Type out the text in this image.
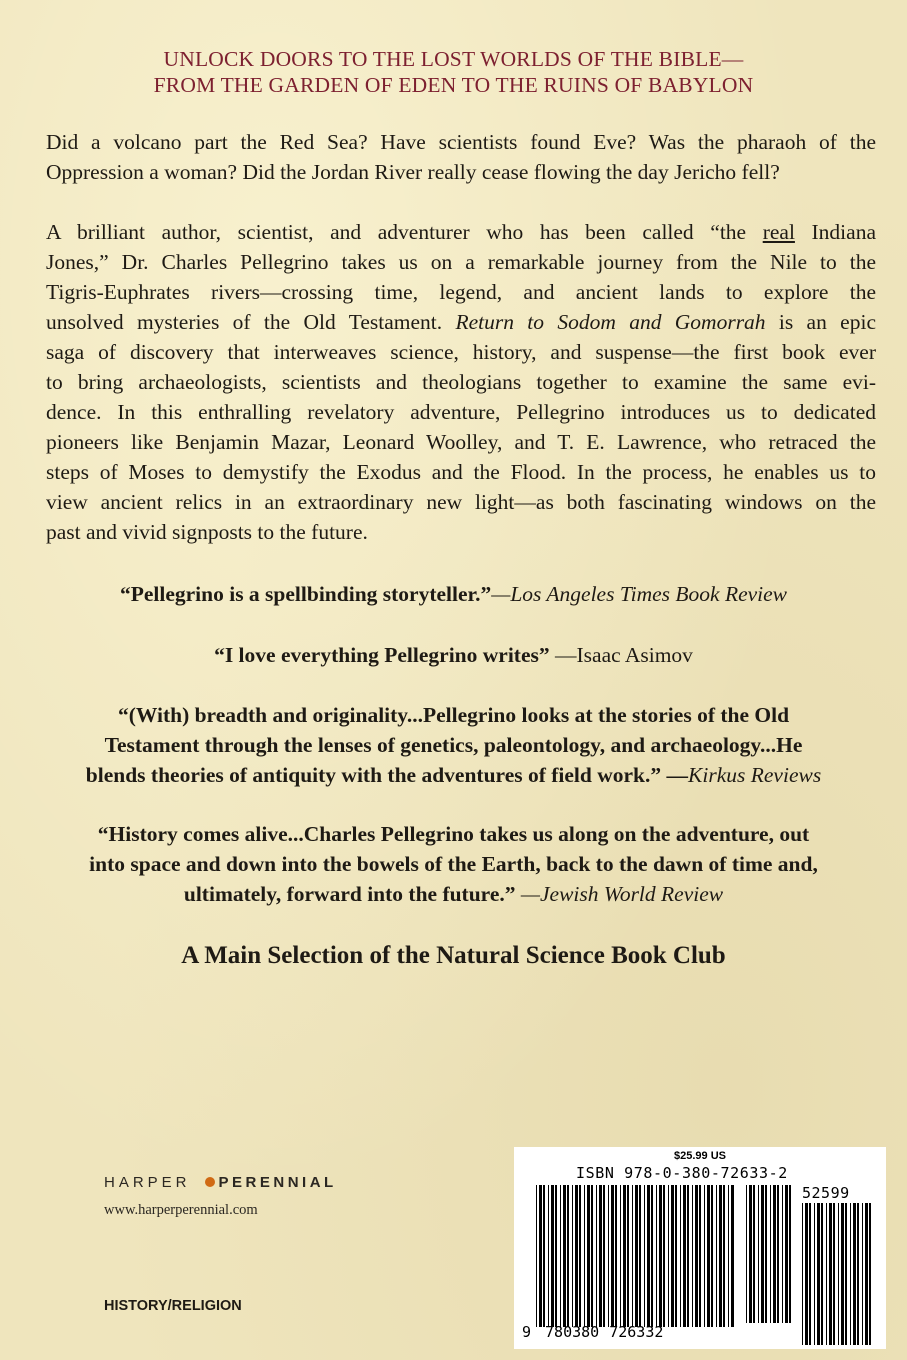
UNLOCK DOORS TO THE LOST WORLDS OF THE BIBLE—
FROM THE GARDEN OF EDEN TO THE RUINS OF BABYLON

Did a volcano part the Red Sea? Have scientists found Eve? Was the pharaoh of the
Oppression a woman? Did the Jordan River really cease flowing the day Jericho fell?

A brilliant author, scientist, and adventurer who has been called “the real Indiana
Jones,” Dr. Charles Pellegrino takes us on a remarkable journey from the Nile to the
Tigris-Euphrates rivers—crossing time, legend, and ancient lands to explore the
unsolved mysteries of the Old Testament. Return to Sodom and Gomorrah is an epic
saga of discovery that interweaves science, history, and suspense—the first book ever
to bring archaeologists, scientists and theologians together to examine the same evi-
dence. In this enthralling revelatory adventure, Pellegrino introduces us to dedicated
pioneers like Benjamin Mazar, Leonard Woolley, and T. E. Lawrence, who retraced the
steps of Moses to demystify the Exodus and the Flood. In the process, he enables us to
view ancient relics in an extraordinary new light—as both fascinating windows on the
past and vivid signposts to the future.

“Pellegrino is a spellbinding storyteller.”—Los Angeles Times Book Review
“I love everything Pellegrino writes” —Isaac Asimov
“(With) breadth and originality...Pellegrino looks at the stories of the Old
Testament through the lenses of genetics, paleontology, and archaeology...He
blends theories of antiquity with the adventures of field work.” —Kirkus Reviews
“History comes alive...Charles Pellegrino takes us along on the adventure, out
into space and down into the bowels of the Earth, back to the dawn of time and,
ultimately, forward into the future.” —Jewish World Review
A Main Selection of the Natural Science Book Club
HARPER PERENNIAL
www.harperperennial.com
HISTORY/RELIGION
$25.99 US
ISBN 978-0-380-72633-2
52599
9 780380 726332
